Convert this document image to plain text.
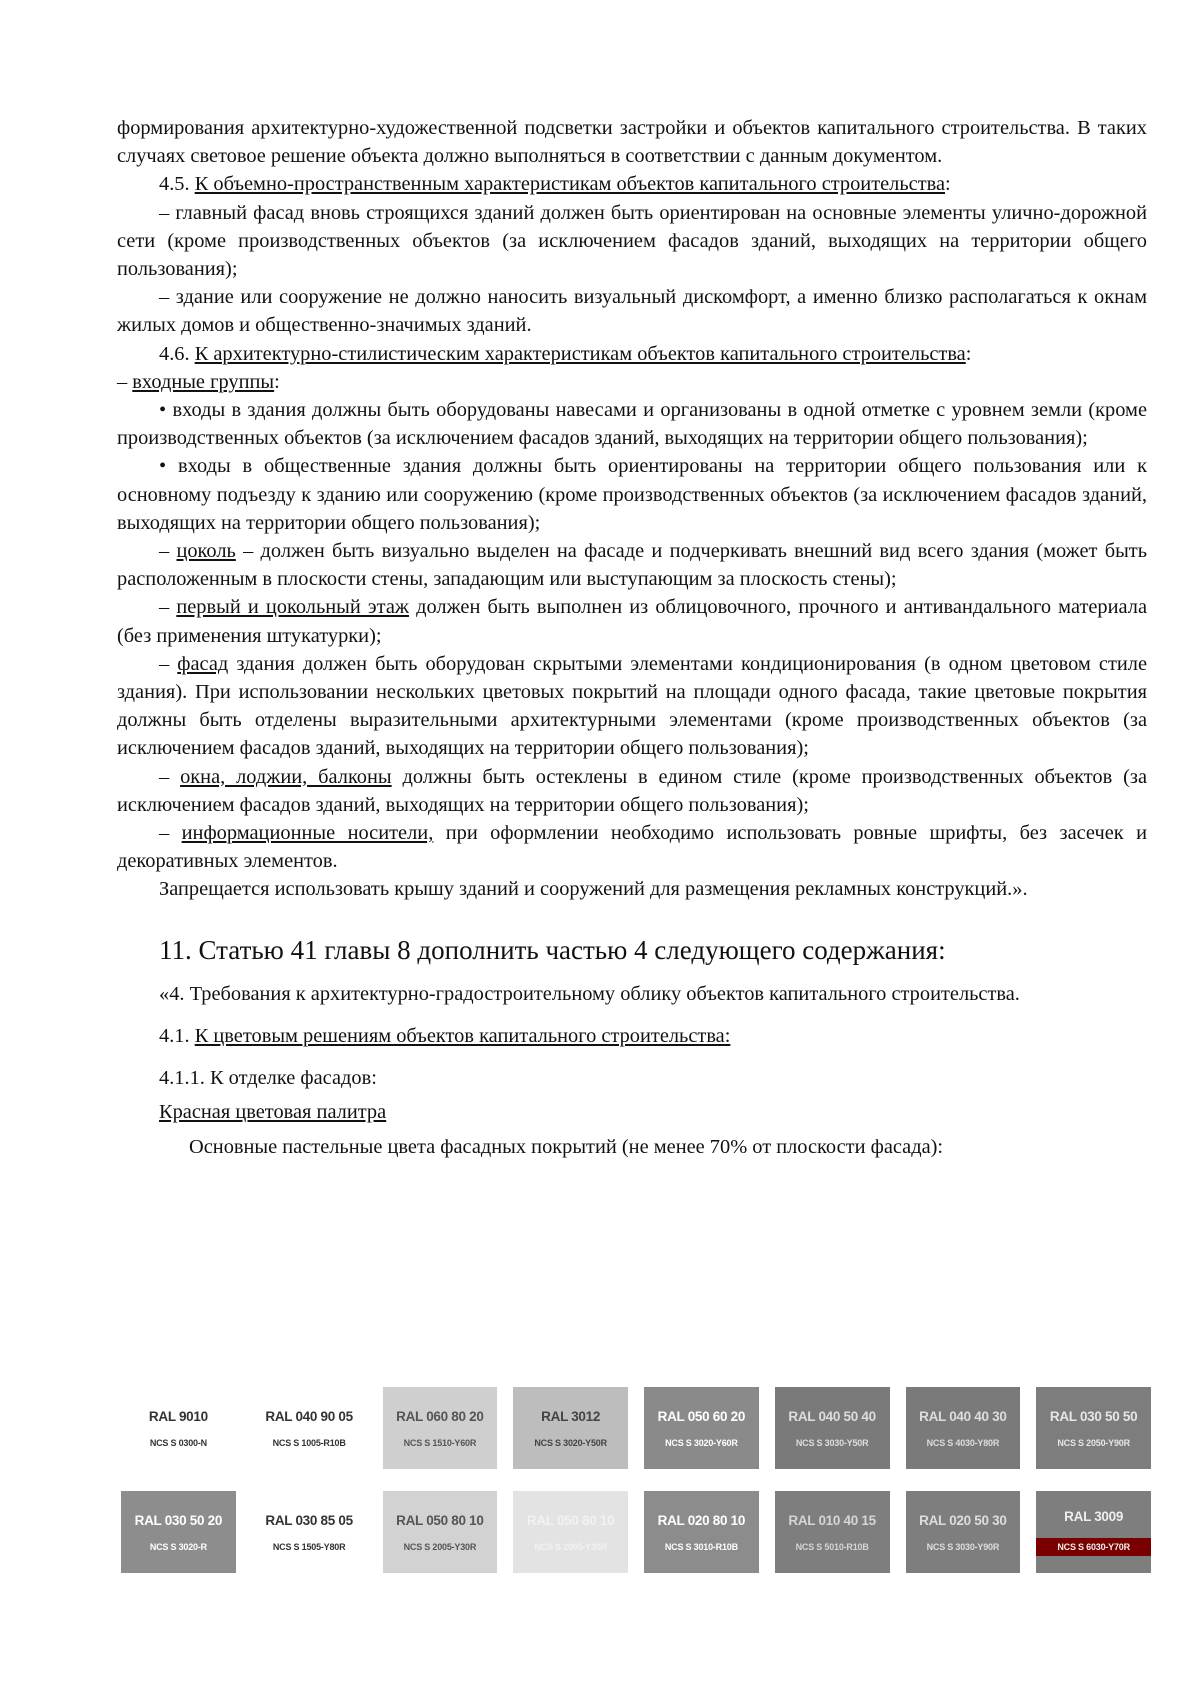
формирования архитектурно-художественной подсветки застройки и объектов капитального строительства. В таких случаях световое решение объекта должно выполняться в соответствии с данным документом.

4.5. К объемно-пространственным характеристикам объектов капитального строительства:

– главный фасад вновь строящихся зданий должен быть ориентирован на основные элементы улично-дорожной сети (кроме производственных объектов (за исключением фасадов зданий, выходящих на территории общего пользования);

– здание или сооружение не должно наносить визуальный дискомфорт, а именно близко располагаться к окнам жилых домов и общественно-значимых зданий.

4.6. К архитектурно-стилистическим характеристикам объектов капитального строительства:

– входные группы:

• входы в здания должны быть оборудованы навесами и организованы в одной отметке с уровнем земли (кроме производственных объектов (за исключением фасадов зданий, выходящих на территории общего пользования);

• входы в общественные здания должны быть ориентированы на территории общего пользования или к основному подъезду к зданию или сооружению (кроме производственных объектов (за исключением фасадов зданий, выходящих на территории общего пользования);

– цоколь – должен быть визуально выделен на фасаде и подчеркивать внешний вид всего здания (может быть расположенным в плоскости стены, западающим или выступающим за плоскость стены);

– первый и цокольный этаж должен быть выполнен из облицовочного, прочного и антивандального материала (без применения штукатурки);

– фасад здания должен быть оборудован скрытыми элементами кондиционирования (в одном цветовом стиле здания). При использовании нескольких цветовых покрытий на площади одного фасада, такие цветовые покрытия должны быть отделены выразительными архитектурными элементами (кроме производственных объектов (за исключением фасадов зданий, выходящих на территории общего пользования);

– окна, лоджии, балконы должны быть остеклены в едином стиле (кроме производственных объектов (за исключением фасадов зданий, выходящих на территории общего пользования);

– информационные носители, при оформлении необходимо использовать ровные шрифты, без засечек и декоративных элементов.

Запрещается использовать крышу зданий и сооружений для размещения рекламных конструкций.».

11. Статью 41 главы 8 дополнить частью 4 следующего содержания:

«4. Требования к архитектурно-градостроительному облику объектов капитального строительства.

4.1. К цветовым решениям объектов капитального строительства:

4.1.1. К отделке фасадов:

Красная цветовая палитра

Основные пастельные цвета фасадных покрытий (не менее 70% от плоскости фасада):

RAL 9010
NCS S 0300-N
RAL 040 90 05
NCS S 1005-R10B
RAL 060 80 20
NCS S 1510-Y60R
RAL 3012
NCS S 3020-Y50R
RAL 050 60 20
NCS S 3020-Y60R
RAL 040 50 40
NCS S 3030-Y50R
RAL 040 40 30
NCS S 4030-Y80R
RAL 030 50 50
NCS S 2050-Y90R
RAL 030 50 20
NCS S 3020-R
RAL 030 85 05
NCS S 1505-Y80R
RAL 050 80 10
NCS S 2005-Y30R
RAL 050 80 10
NCS S 2005-Y30R
RAL 020 80 10
NCS S 3010-R10B
RAL 010 40 15
NCS S 5010-R10B
RAL 020 50 30
NCS S 3030-Y90R
RAL 3009
NCS S 6030-Y70R
